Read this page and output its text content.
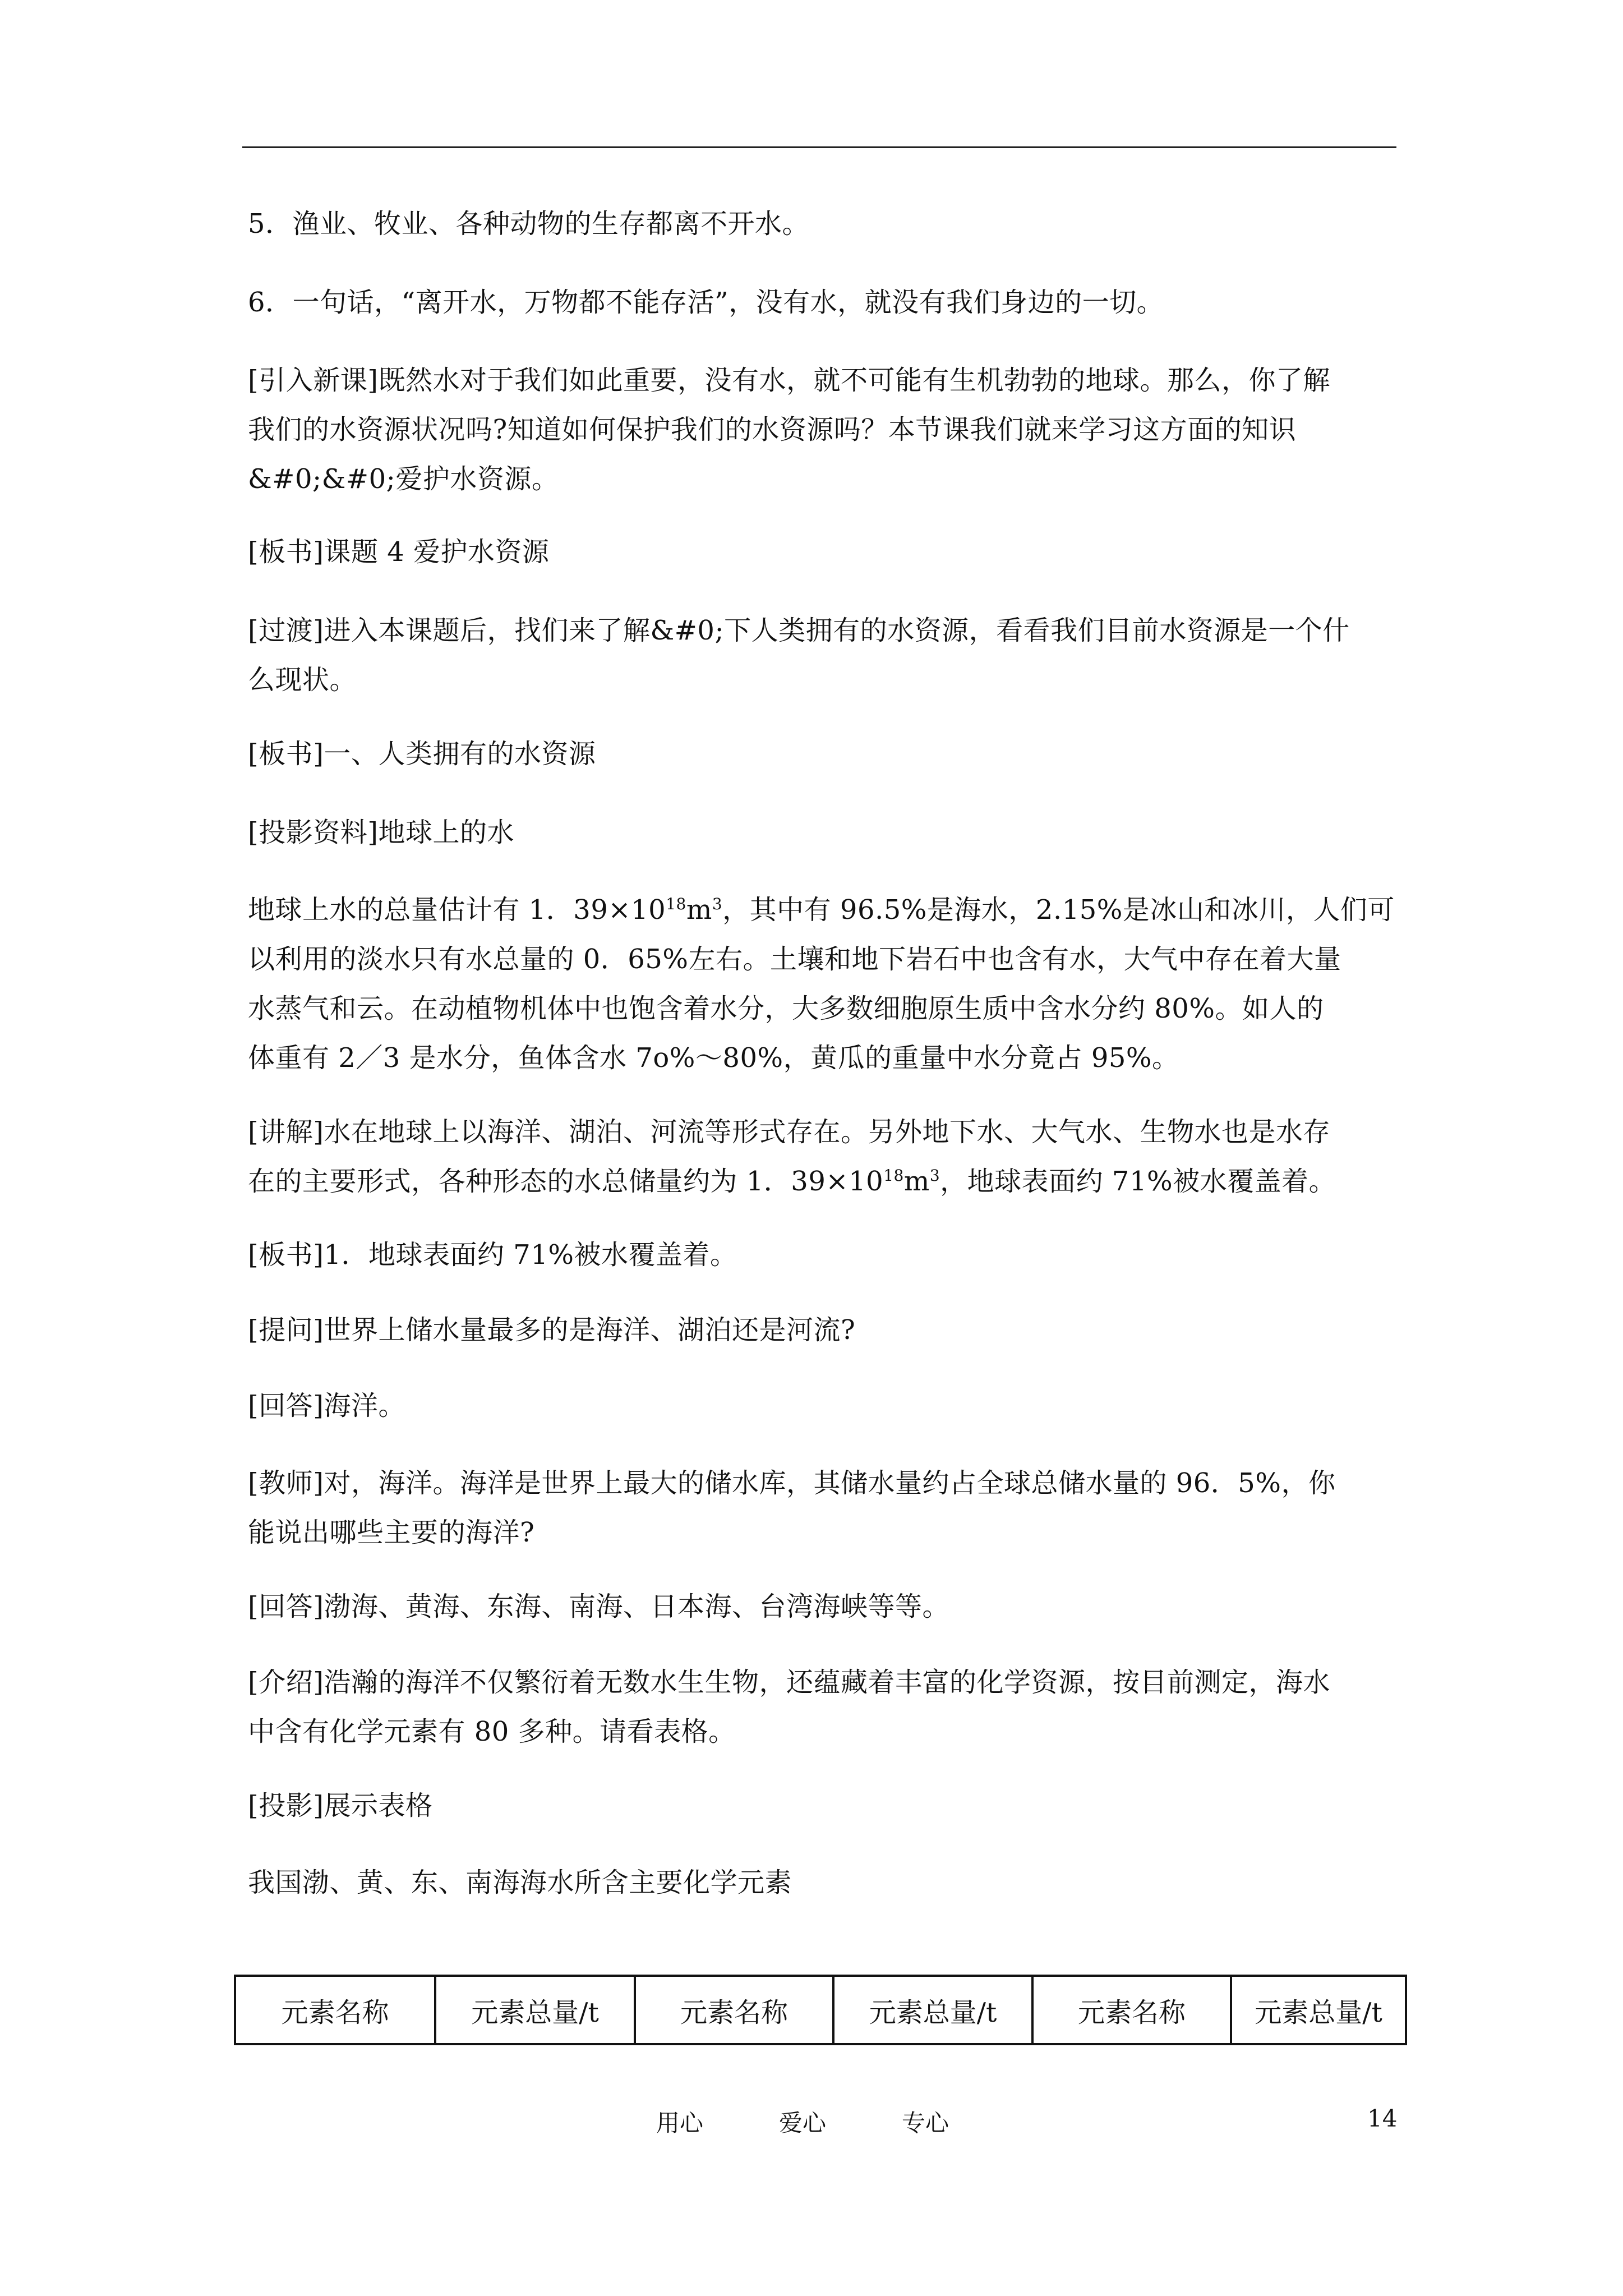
5．渔业、牧业、各种动物的生存都离不开水。

6．一句话，“离开水，万物都不能存活”，没有水，就没有我们身边的一切。

[引入新课]既然水对于我们如此重要，没有水，就不可能有生机勃勃的地球。那么，你了解
我们的水资源状况吗?知道如何保护我们的水资源吗？本节课我们就来学习这方面的知识
&#0;&#0;爱护水资源。

[板书]课题 4 爱护水资源

[过渡]进入本课题后，找们来了解&#0;下人类拥有的水资源，看看我们目前水资源是一个什
么现状。

[板书]一、人类拥有的水资源

[投影资料]地球上的水

地球上水的总量估计有 1．$39\times 10^{18}m^3$，其中有 96.5%是海水，2.15%是冰山和冰川，人们可
以利用的淡水只有水总量的 0．65%左右。土壤和地下岩石中也含有水，大气中存在着大量
水蒸气和云。在动植物机体中也饱含着水分，大多数细胞原生质中含水分约 80%。如人的
体重有 2／3 是水分，鱼体含水 7o%～80%，黄瓜的重量中水分竟占 95%。

[讲解]水在地球上以海洋、湖泊、河流等形式存在。另外地下水、大气水、生物水也是水存
在的主要形式，各种形态的水总储量约为 1．$39\times 10^{18}m^3$，地球表面约 71%被水覆盖着。

[板书]1．地球表面约 71%被水覆盖着。

[提问]世界上储水量最多的是海洋、湖泊还是河流?

[回答]海洋。

[教师]对，海洋。海洋是世界上最大的储水库，其储水量约占全球总储水量的 96．5%，你
能说出哪些主要的海洋?

[回答]渤海、黄海、东海、南海、日本海、台湾海峡等等。

[介绍]浩瀚的海洋不仅繁衍着无数水生生物，还蕴藏着丰富的化学资源，按目前测定，海水
中含有化学元素有 80 多种。请看表格。

[投影]展示表格

我国渤、黄、东、南海海水所含主要化学元素

元素名称	元素总量/t	元素名称	元素总量/t	元素名称	元素总量/t
用心	爱心	专心	14
